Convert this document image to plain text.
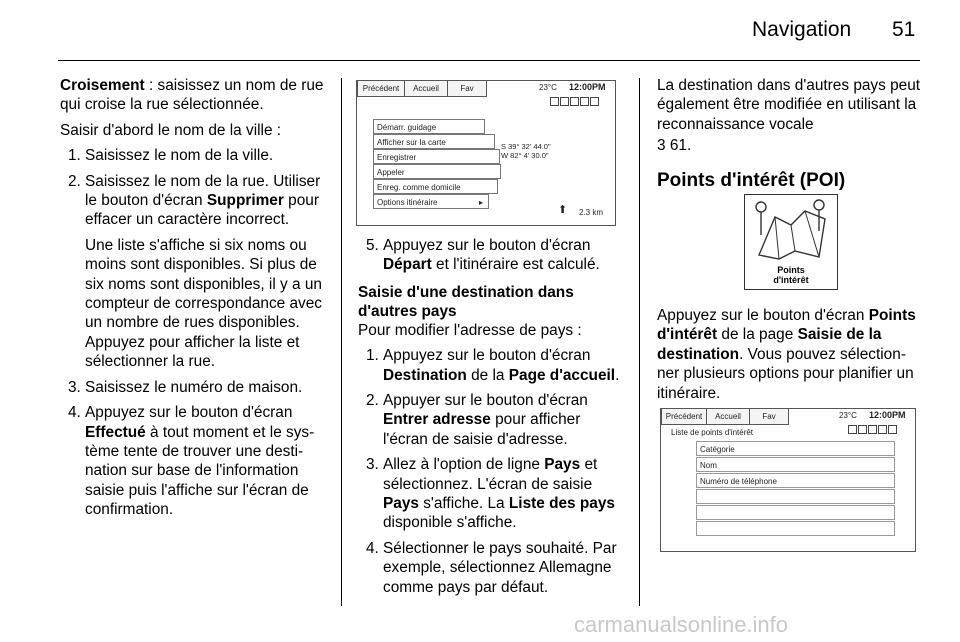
Navigation 51

Croisement : saisissez un nom de rue qui croise la rue sélectionnée.

Saisir d'abord le nom de la ville :

1. Saisissez le nom de la ville.
2. Saisissez le nom de la rue. Utiliser le bouton d'écran Supprimer pour effacer un caractère incorrect.
Une liste s'affiche si six noms ou moins sont disponibles. Si plus de six noms sont disponibles, il y a un compteur de correspondance avec un nombre de rues disponibles. Appuyez pour afficher la liste et sélectionner la rue.
3. Saisissez le numéro de maison.
4. Appuyez sur le bouton d'écran Effectué à tout moment et le système tente de trouver une destination sur base de l'information saisie puis l'affiche sur l'écran de confirmation.
Précédent	Accueil	Fav	23°C 12:00PM
Démarr. guidage
Afficher sur la carte
Enregistrer
Appeler
Enreg. comme domicile
Options itinéraire	▸
S 39° 32' 44.0"
W 82° 4' 30.0"
⬆ 2.3 km
5. Appuyez sur le bouton d'écran Départ et l'itinéraire est calculé.
Saisie d'une destination dans d'autres pays

Pour modifier l'adresse de pays :

1. Appuyez sur le bouton d'écran Destination de la Page d'accueil.
2. Appuyer sur le bouton d'écran Entrer adresse pour afficher l'écran de saisie d'adresse.
3. Allez à l'option de ligne Pays et sélectionnez. L'écran de saisie Pays s'affiche. La Liste des pays disponible s'affiche.
4. Sélectionner le pays souhaité. Par exemple, sélectionnez Allemagne comme pays par défaut.

La destination dans d'autres pays peut également être modifiée en utilisant la reconnaissance vocale

3 61.

Points d'intérêt (POI)
Points
d'intérêt

Appuyez sur le bouton d'écran Points d'intérêt de la page Saisie de la destination. Vous pouvez sélectionner plusieurs options pour planifier un itinéraire.

Précédent	Accueil	Fav	23°C 12:00PM
Liste de points d'intérêt
Catégorie
Nom
Numéro de téléphone
carmanualsonline.info
